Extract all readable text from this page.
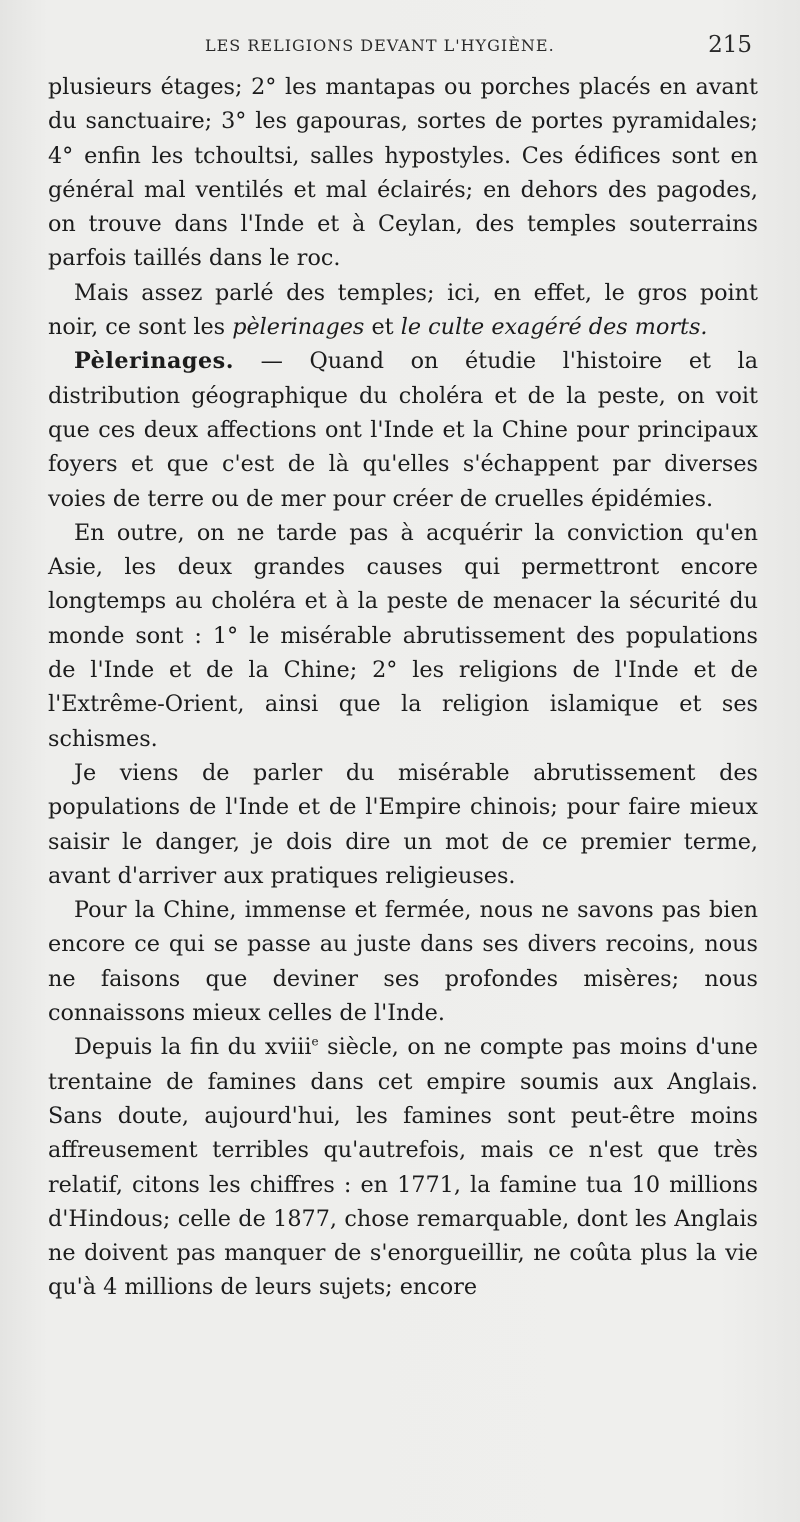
LES RELIGIONS DEVANT L'HYGIÈNE.	215

plusieurs étages; 2° les mantapas ou porches placés en avant du sanctuaire; 3° les gapouras, sortes de portes pyramidales; 4° enfin les tchoultsi, salles hypostyles. Ces édifices sont en général mal ventilés et mal éclairés; en dehors des pagodes, on trouve dans l'Inde et à Ceylan, des temples souterrains parfois taillés dans le roc.

Mais assez parlé des temples; ici, en effet, le gros point noir, ce sont les pèlerinages et le culte exagéré des morts.

Pèlerinages. — Quand on étudie l'histoire et la distribution géographique du choléra et de la peste, on voit que ces deux affections ont l'Inde et la Chine pour principaux foyers et que c'est de là qu'elles s'échappent par diverses voies de terre ou de mer pour créer de cruelles épidémies.

En outre, on ne tarde pas à acquérir la conviction qu'en Asie, les deux grandes causes qui permettront encore longtemps au choléra et à la peste de menacer la sécurité du monde sont : 1° le misérable abrutissement des populations de l'Inde et de la Chine; 2° les religions de l'Inde et de l'Extrême-Orient, ainsi que la religion islamique et ses schismes.

Je viens de parler du misérable abrutissement des populations de l'Inde et de l'Empire chinois; pour faire mieux saisir le danger, je dois dire un mot de ce premier terme, avant d'arriver aux pratiques religieuses.

Pour la Chine, immense et fermée, nous ne savons pas bien encore ce qui se passe au juste dans ses divers recoins, nous ne faisons que deviner ses profondes misères; nous connaissons mieux celles de l'Inde.

Depuis la fin du xviii$^e$ siècle, on ne compte pas moins d'une trentaine de famines dans cet empire soumis aux Anglais. Sans doute, aujourd'hui, les famines sont peut-être moins affreusement terribles qu'autrefois, mais ce n'est que très relatif, citons les chiffres : en 1771, la famine tua 10 millions d'Hindous; celle de 1877, chose remarquable, dont les Anglais ne doivent pas manquer de s'enorgueillir, ne coûta plus la vie qu'à 4 millions de leurs sujets; encore
